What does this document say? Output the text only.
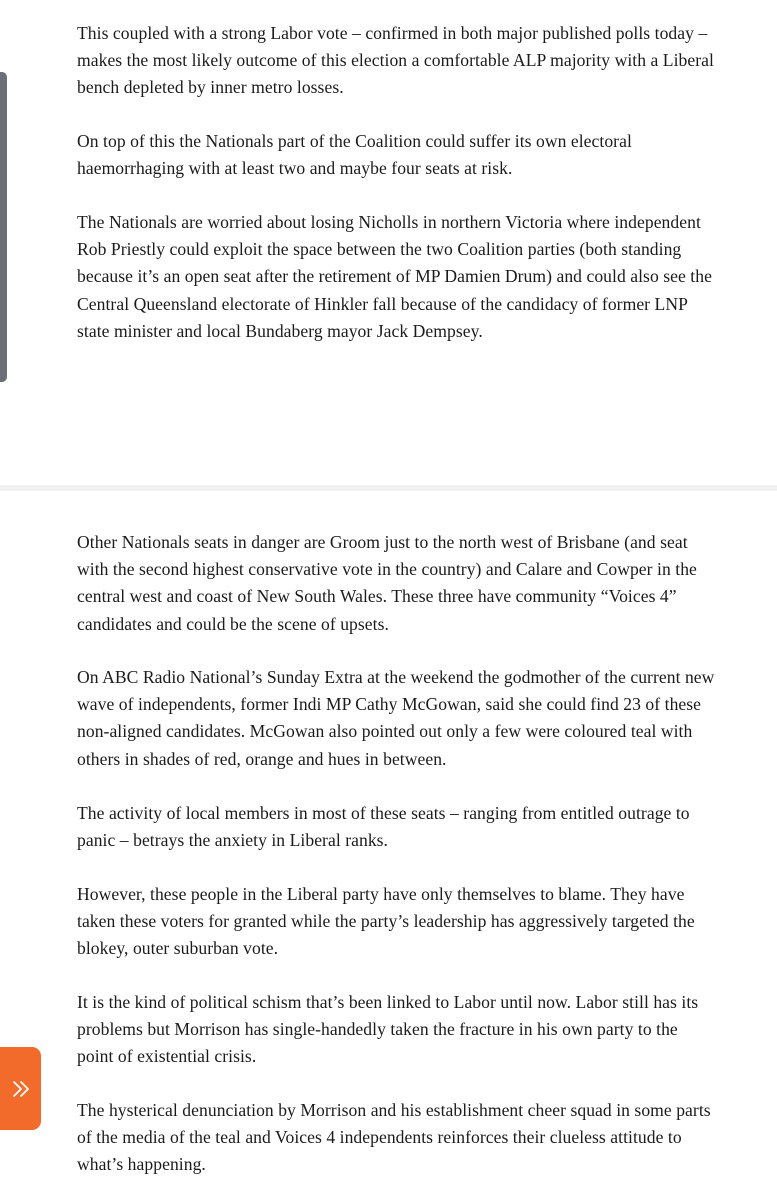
This coupled with a strong Labor vote – confirmed in both major published polls today – makes the most likely outcome of this election a comfortable ALP majority with a Liberal bench depleted by inner metro losses.

On top of this the Nationals part of the Coalition could suffer its own electoral haemorrhaging with at least two and maybe four seats at risk.

The Nationals are worried about losing Nicholls in northern Victoria where independent Rob Priestly could exploit the space between the two Coalition parties (both standing because it’s an open seat after the retirement of MP Damien Drum) and could also see the Central Queensland electorate of Hinkler fall because of the candidacy of former LNP state minister and local Bundaberg mayor Jack Dempsey.

Other Nationals seats in danger are Groom just to the north west of Brisbane (and seat with the second highest conservative vote in the country) and Calare and Cowper in the central west and coast of New South Wales. These three have community “Voices 4” candidates and could be the scene of upsets.

On ABC Radio National’s Sunday Extra at the weekend the godmother of the current new wave of independents, former Indi MP Cathy McGowan, said she could find 23 of these non-aligned candidates. McGowan also pointed out only a few were coloured teal with others in shades of red, orange and hues in between.

The activity of local members in most of these seats – ranging from entitled outrage to panic – betrays the anxiety in Liberal ranks.

However, these people in the Liberal party have only themselves to blame. They have taken these voters for granted while the party’s leadership has aggressively targeted the blokey, outer suburban vote.

It is the kind of political schism that’s been linked to Labor until now. Labor still has its problems but Morrison has single-handedly taken the fracture in his own party to the point of existential crisis.

The hysterical denunciation by Morrison and his establishment cheer squad in some parts of the media of the teal and Voices 4 independents reinforces their clueless attitude to what’s happening.
